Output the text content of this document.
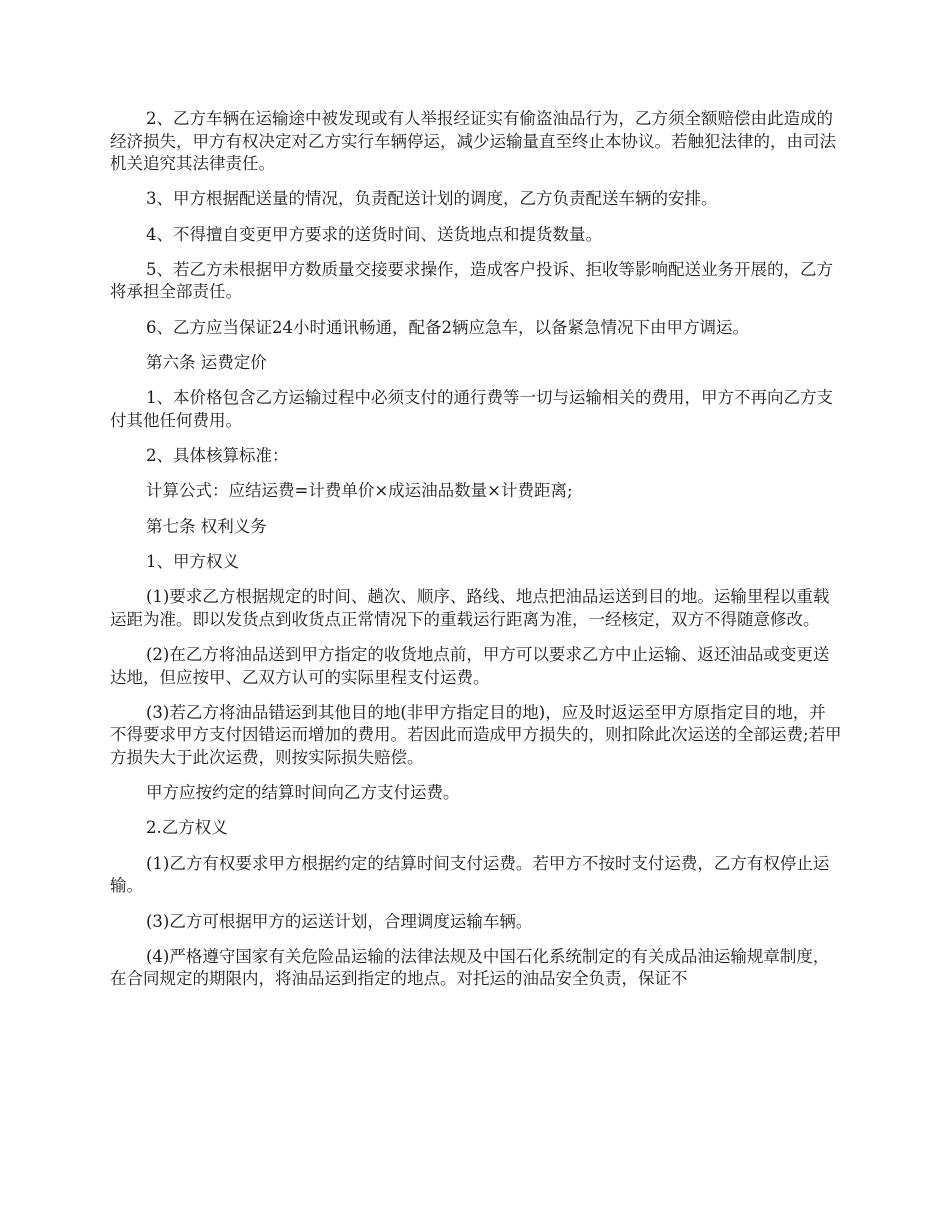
2、乙方车辆在运输途中被发现或有人举报经证实有偷盗油品行为，乙方须全额赔偿由此造成的经济损失，甲方有权决定对乙方实行车辆停运，减少运输量直至终止本协议。若触犯法律的，由司法机关追究其法律责任。

3、甲方根据配送量的情况，负责配送计划的调度，乙方负责配送车辆的安排。

4、不得擅自变更甲方要求的送货时间、送货地点和提货数量。

5、若乙方未根据甲方数质量交接要求操作，造成客户投诉、拒收等影响配送业务开展的，乙方将承担全部责任。

6、乙方应当保证24小时通讯畅通，配备2辆应急车，以备紧急情况下由甲方调运。

第六条 运费定价

1、本价格包含乙方运输过程中必须支付的通行费等一切与运输相关的费用，甲方不再向乙方支付其他任何费用。

2、具体核算标准：

计算公式：应结运费=计费单价×成运油品数量×计费距离;

第七条 权利义务

1、甲方权义

(1)要求乙方根据规定的时间、趟次、顺序、路线、地点把油品运送到目的地。运输里程以重载运距为准。即以发货点到收货点正常情况下的重载运行距离为准，一经核定，双方不得随意修改。

(2)在乙方将油品送到甲方指定的收货地点前，甲方可以要求乙方中止运输、返还油品或变更送达地，但应按甲、乙双方认可的实际里程支付运费。

(3)若乙方将油品错运到其他目的地(非甲方指定目的地)，应及时返运至甲方原指定目的地，并不得要求甲方支付因错运而增加的费用。若因此而造成甲方损失的，则扣除此次运送的全部运费;若甲方损失大于此次运费，则按实际损失赔偿。

甲方应按约定的结算时间向乙方支付运费。

2.乙方权义

(1)乙方有权要求甲方根据约定的结算时间支付运费。若甲方不按时支付运费，乙方有权停止运输。

(3)乙方可根据甲方的运送计划，合理调度运输车辆。

(4)严格遵守国家有关危险品运输的法律法规及中国石化系统制定的有关成品油运输规章制度，在合同规定的期限内，将油品运到指定的地点。对托运的油品安全负责，保证不
